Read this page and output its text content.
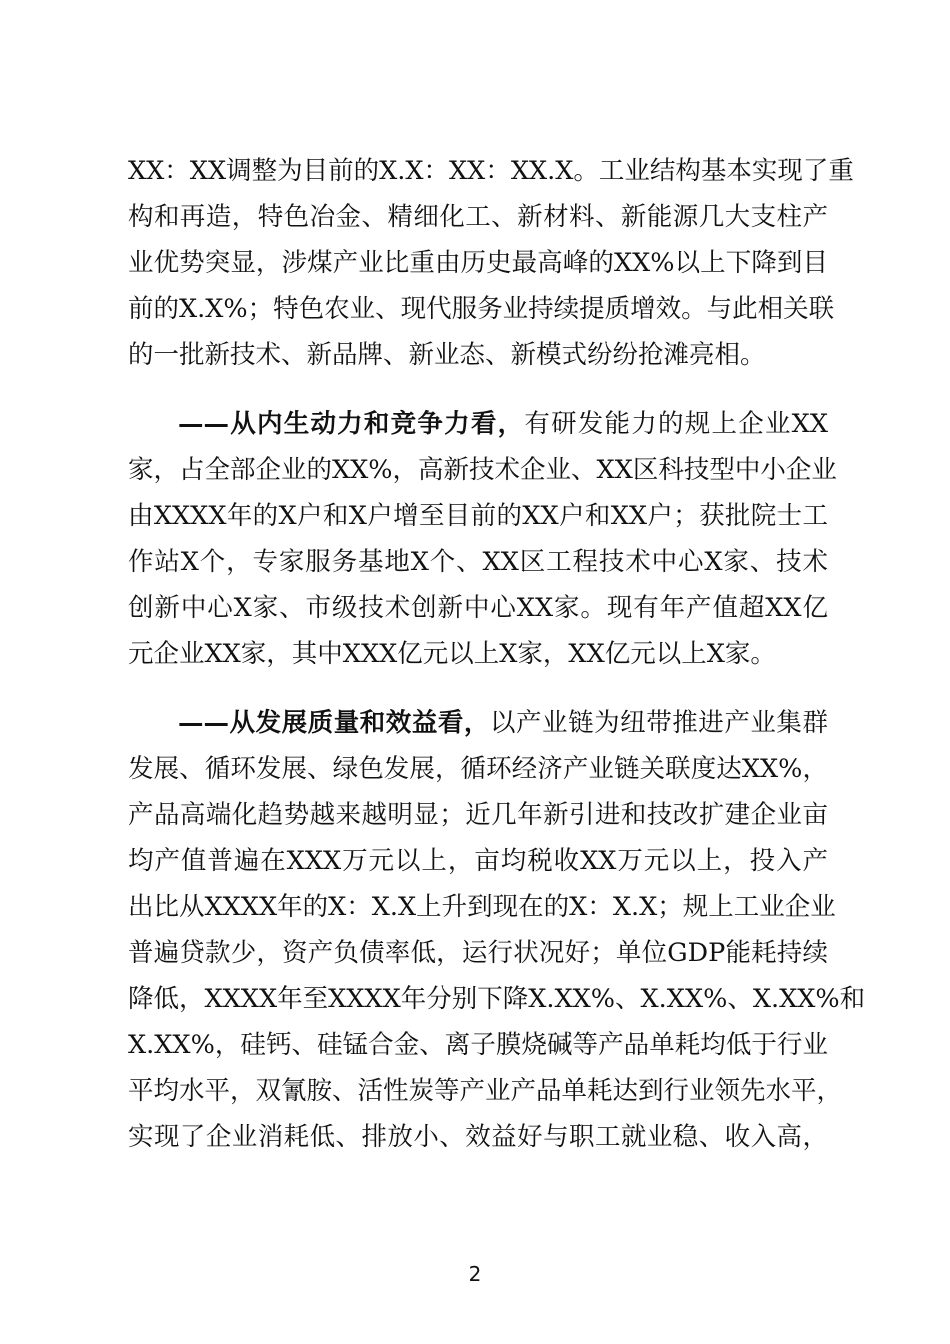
XX：XX调整为目前的X.X：XX：XX.X。工业结构基本实现了重
构和再造，特色冶金、精细化工、新材料、新能源几大支柱产
业优势突显，涉煤产业比重由历史最高峰的XX%以上下降到目
前的X.X%；特色农业、现代服务业持续提质增效。与此相关联
的一批新技术、新品牌、新业态、新模式纷纷抢滩亮相。
——从内生动力和竞争力看，有研发能力的规上企业XX
家，占全部企业的XX%，高新技术企业、XX区科技型中小企业
由XXXX年的X户和X户增至目前的XX户和XX户；获批院士工
作站X个，专家服务基地X个、XX区工程技术中心X家、技术
创新中心X家、市级技术创新中心XX家。现有年产值超XX亿
元企业XX家，其中XXX亿元以上X家，XX亿元以上X家。
——从发展质量和效益看，以产业链为纽带推进产业集群
发展、循环发展、绿色发展，循环经济产业链关联度达XX%，
产品高端化趋势越来越明显；近几年新引进和技改扩建企业亩
均产值普遍在XXX万元以上，亩均税收XX万元以上，投入产
出比从XXXX年的X：X.X上升到现在的X：X.X；规上工业企业
普遍贷款少，资产负债率低，运行状况好；单位GDP能耗持续
降低，XXXX年至XXXX年分别下降X.XX%、X.XX%、X.XX%和
X.XX%，硅钙、硅锰合金、离子膜烧碱等产品单耗均低于行业
平均水平，双氰胺、活性炭等产业产品单耗达到行业领先水平，
实现了企业消耗低、排放小、效益好与职工就业稳、收入高，
2
